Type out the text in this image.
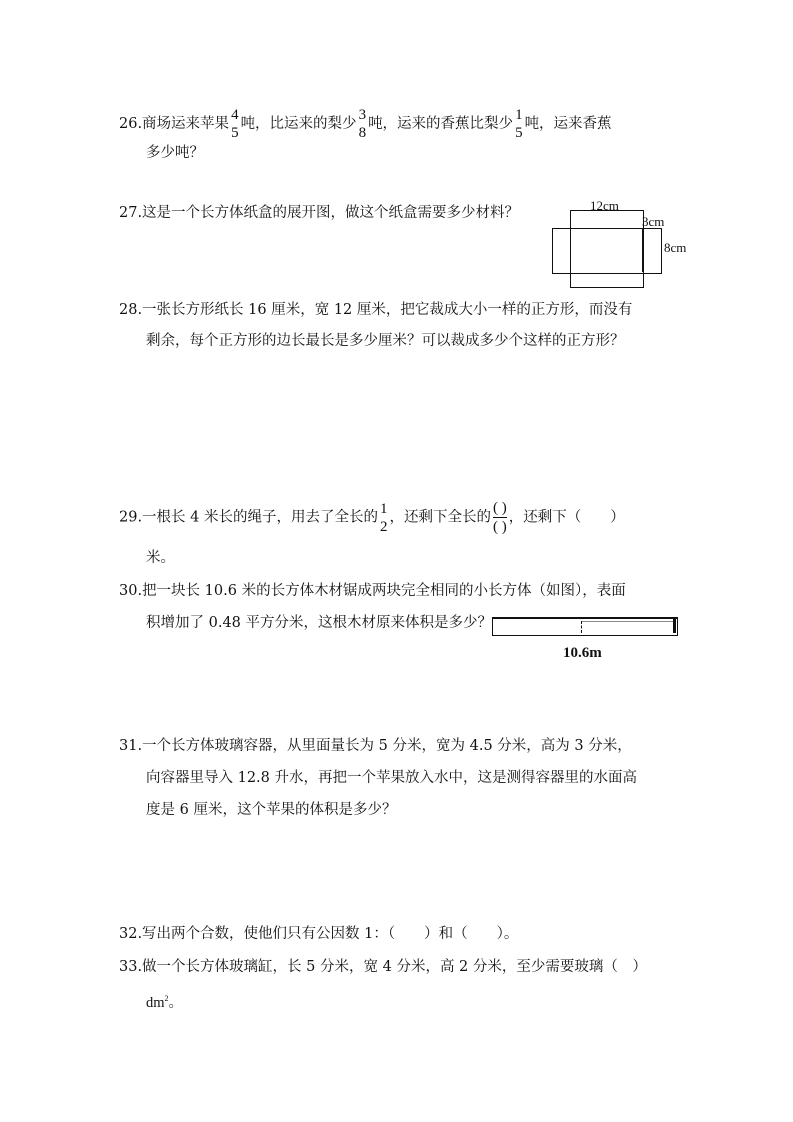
26.商场运来苹果
4
5
吨，比运来的梨少
3
8
吨，运来的香蕉比梨少
1
5
吨，运来香蕉
多少吨？
27.这是一个长方体纸盒的展开图，做这个纸盒需要多少材料？	12cm
3cm
8cm
28.一张长方形纸长 16 厘米，宽 12 厘米，把它裁成大小一样的正方形，而没有
剩余，每个正方形的边长最长是多少厘米？可以裁成多少个这样的正方形？
29.一根长 4 米长的绳子，用去了全长的
1
2
，还剩下全长的 $\frac{( )}{( )}$ ，还剩下（　　）
米。
30.把一块长 10.6 米的长方体木材锯成两块完全相同的小长方体（如图），表面
积增加了 0.48 平方分米，这根木材原来体积是多少？
10.6m
31.一个长方体玻璃容器，从里面量长为 5 分米，宽为 4.5 分米，高为 3 分米，
向容器里导入 12.8 升水，再把一个苹果放入水中，这是测得容器里的水面高
度是 6 厘米，这个苹果的体积是多少？
32.写出两个合数，使他们只有公因数 1：（　　）和（　　）。
33.做一个长方体玻璃缸，长 5 分米，宽 4 分米，高 2 分米，至少需要玻璃（　）
$dm^2$。
